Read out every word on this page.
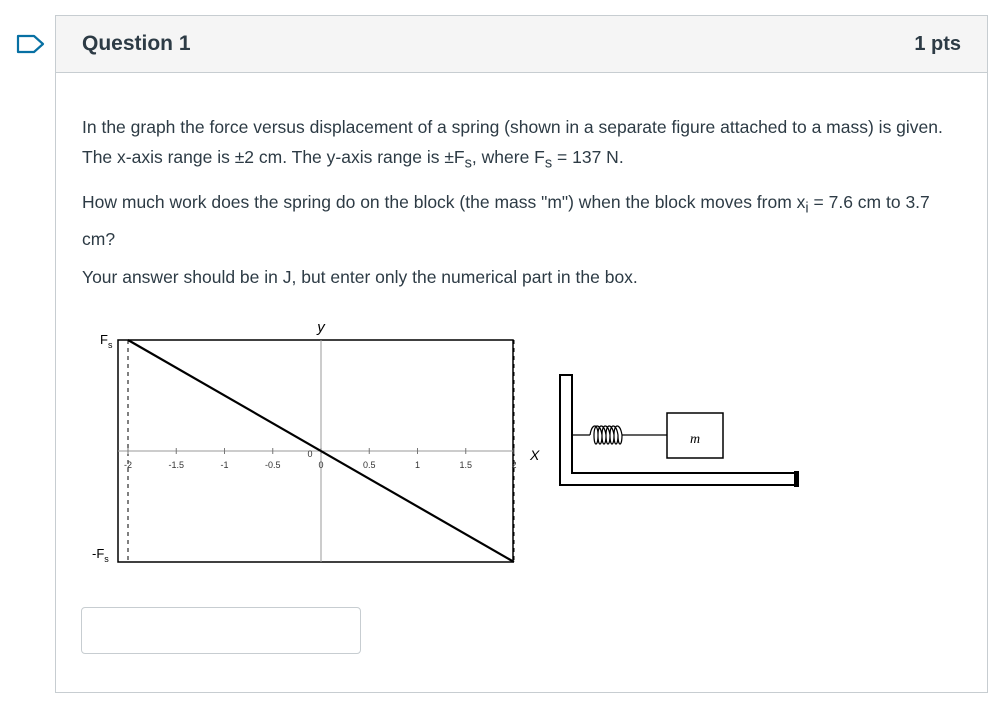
Question 1	1 pts

In the graph the force versus displacement of a spring (shown in a separate figure attached to a mass) is given. The x-axis range is ±2 cm. The y-axis range is $\pm F_s$, where $F_s = 137$ N.

How much work does the spring do on the block (the mass "m") when the block moves from $x_i = 7.6$ cm to 3.7 cm?

Your answer should be in J, but enter only the numerical part in the box.

-2	-1.5	-1	-0.5	0	0.5	1	1.5	2
y
X
0
$F_s$
$-F_s$
m
